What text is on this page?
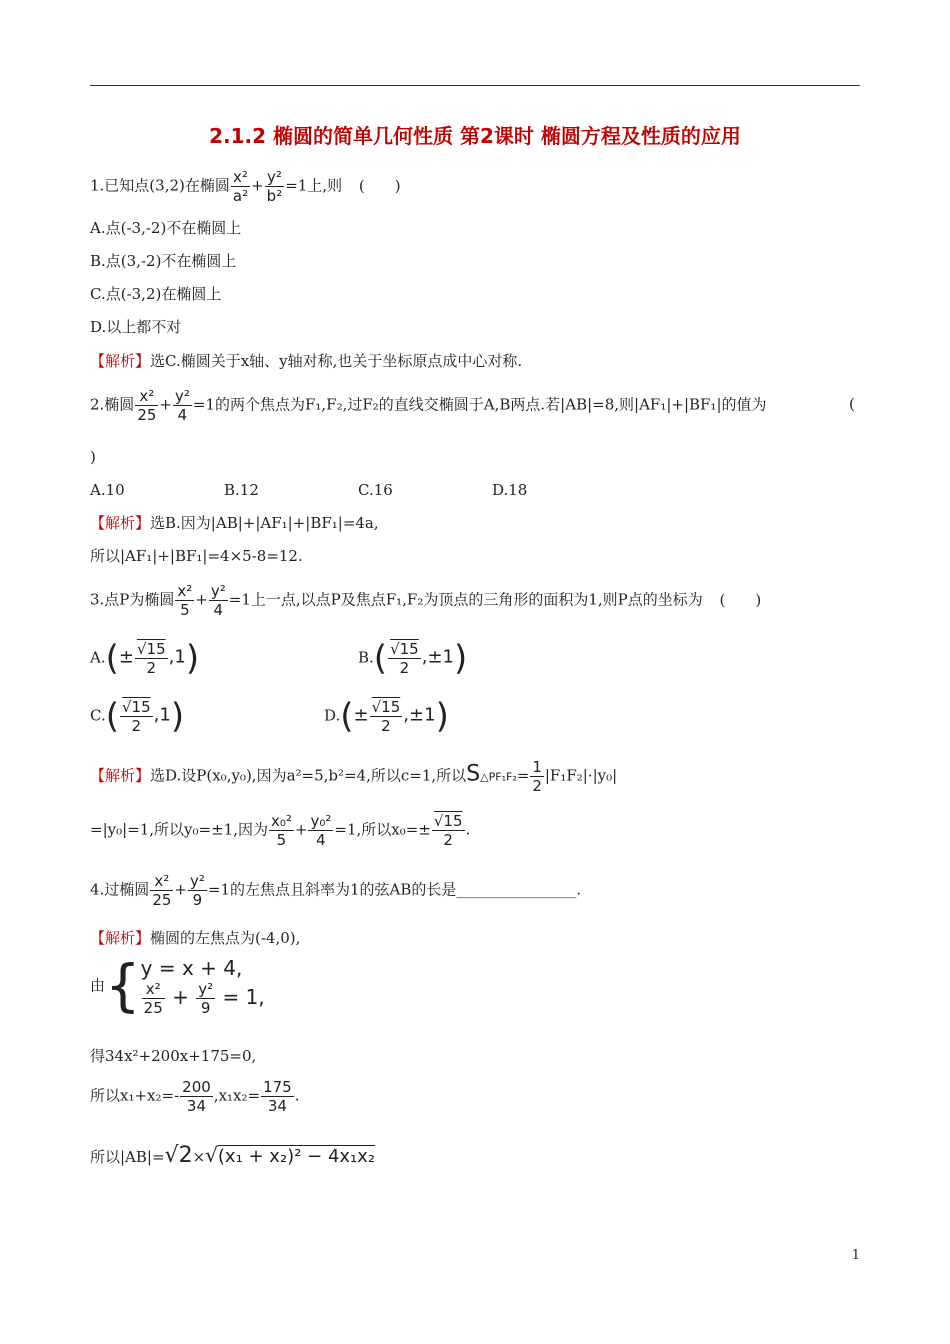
2.1.2 椭圆的简单几何性质 第2课时 椭圆方程及性质的应用
1.已知点(3,2)在椭圆 $\frac{\text{x²}}{\text{a²}} + \frac{\text{y²}}{\text{b²}} =1$上,则 (　　)
A.点(-3,-2)不在椭圆上
B.点(3,-2)不在椭圆上
C.点(-3,2)在椭圆上
D.以上都不对
【解析】选C.椭圆关于x轴、y轴对称,也关于坐标原点成中心对称.
2.椭圆 $\frac{\text{x²}}{25} + \frac{\text{y²}}{4} =1$的两个焦点为F₁,F₂,过F₂的直线交椭圆于A,B两点.若|AB|=8,则|AF₁|+|BF₁|的值为	(
)
A.10	B.12	C.16	D.18
【解析】选B.因为|AB|+|AF₁|+|BF₁|=4a,
所以|AF₁|+|BF₁|=4×5-8=12.
3.点P为椭圆 $\frac{\text{x²}}{5} + \frac{\text{y²}}{4} =1$上一点,以点P及焦点F₁,F₂为顶点的三角形的面积为1,则P点的坐标为 (　　)
$A.(\pm \frac{√15}{2} ,1)$	$B.( \frac{√15}{2} ,\pm 1)$
$C.( \frac{√15}{2} ,1)$	$D.(\pm \frac{√15}{2} ,\pm 1)$
【解析】选D.设P(x₀,y₀),因为a²=5,b²=4,所以c=1,所以S△PF₁F₂= $\frac{1}{2} |F_1F_2|\cdot|y_0|$
=|y₀|=1,所以y₀=±1,因为 $\frac{\text{x₀²}}{5} + \frac{\text{y₀²}}{4} =1$,所以$x_0=\pm \frac{√15}{2}$ .
4.过椭圆 $\frac{\text{x²}}{25} + \frac{\text{y²}}{9} =1$的左焦点且斜率为1的弦AB的长是________________.
【解析】椭圆的左焦点为(-4,0),
由{ y = x + 4,
$\frac{\text{x²}}{25} + \frac{\text{y²}}{9} = 1$,
得34x²+200x+175=0,
所以$x_1+x_2=- \frac{200}{34} ,x_1x_2= \frac{175}{34}$ .
所以|AB|=√2×√(x₁ + x₂)² − 4x₁x₂
1
